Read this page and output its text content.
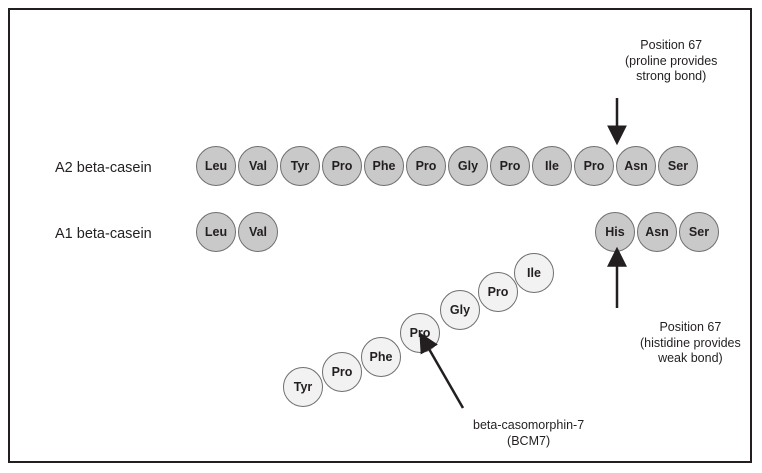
A2 beta-casein
A1 beta-casein
Leu	Val	Tyr	Pro	Phe	Pro	Gly	Pro	Ile	Pro	Asn	Ser
Leu	Val	His	Asn	Ser
Tyr
Pro
Phe
Pro
Gly
Pro
Ile
Position 67
(proline provides
strong bond)
Position 67
(histidine provides
weak bond)
beta-casomorphin-7
(BCM7)
